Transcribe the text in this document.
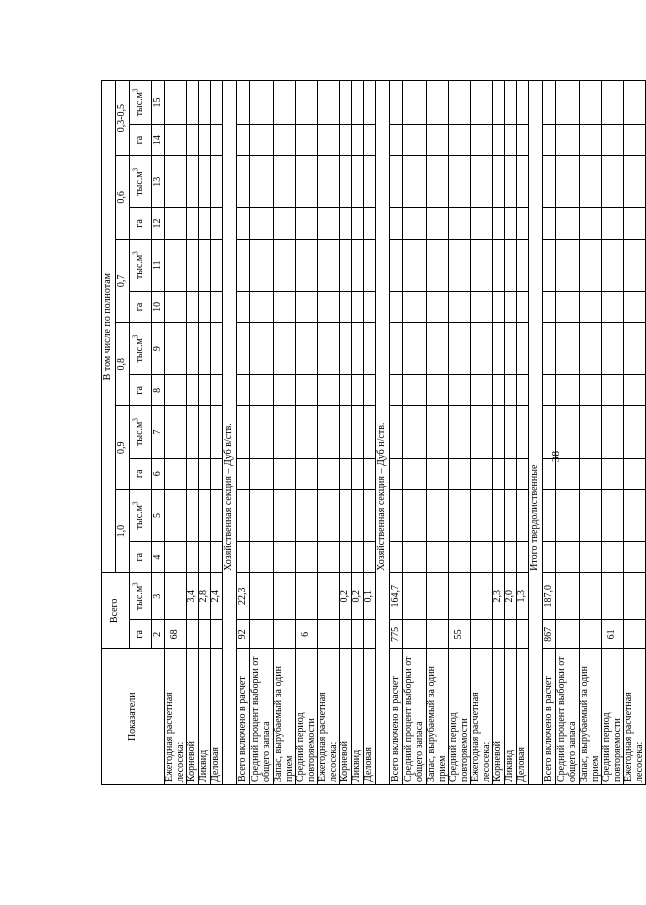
Показатели	Всего		В том числе по полнотам											
			1,0		0,9		0,8		0,7		0,6		0,3-0,5	
	га	$тыс.м^3$	га	$тыс.м^3$	га	$тыс.м^3$	га	$тыс.м^3$	га	$тыс.м^3$	га	$тыс.м^3$	га	$тыс.м^3$
	2	3	4	5	6	7	8	9	10	11	12	13	14	15
Ежегодная расчетная лесосека:	68													
Корневой		3,4												
Ликвид		2,8												
Деловая		2,4												
			Хозяйственная секция – Дуб в/ств.											
Всего включено в расчет	92	22,3												
Средний процент выборки от общего запаса														
Запас, вырубаемый за один прием														
Средний период повторяемости	6													
Ежегодная расчетная лесосека:														
Корневой		0,2												
Ликвид		0,2												
Деловая		0,1												
			Хозяйственная секция – Дуб н/ств.											
Всего включено в расчет	775	164,7												
Средний процент выборки от общего запаса														
Запас, вырубаемый за один прием														
Средний период повторяемости	55													
Ежегодная расчетная лесосека:														
Корневой		2,3												
Ликвид		2,0												
Деловая		1,3												
			Итого твердолиственные											
Всего включено в расчет	867	187,0												
Средний процент выборки от общего запаса														
Запас, вырубаемый за один прием														
Средний период повторяемости	61													
Ежегодная расчетная лесосека:														
38
